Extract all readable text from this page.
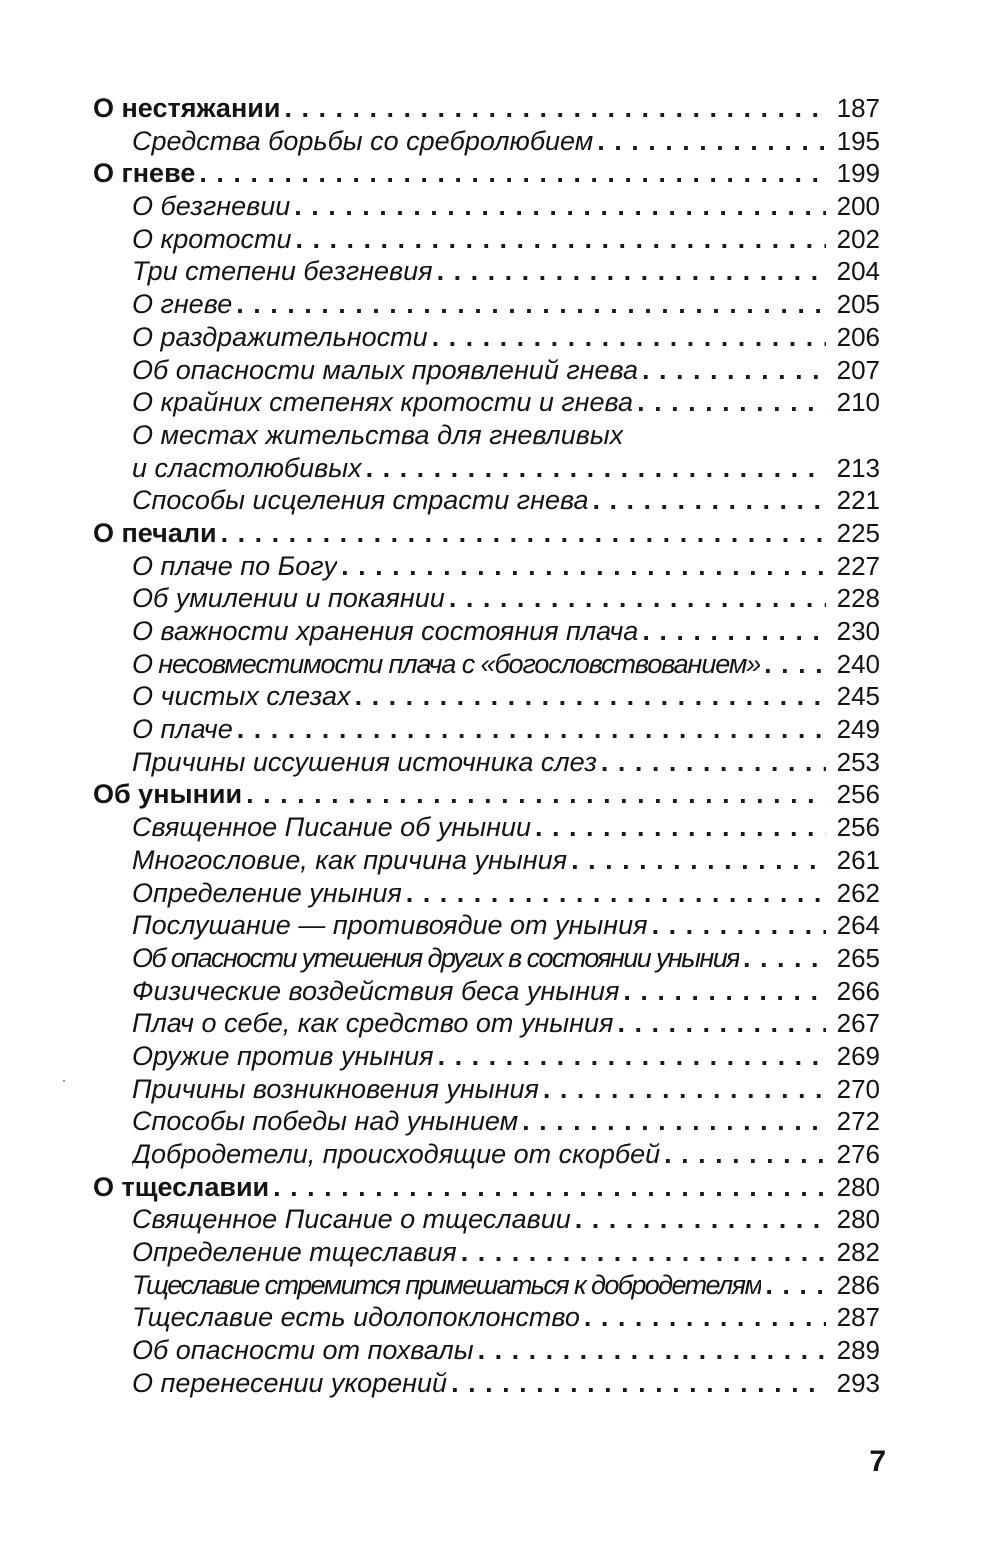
О нестяжании . . .	187
Средства борьбы со сребролюбием . . .	195
О гневе . . .	199
О безгневии . . .	200
О кротости . . .	202
Три степени безгневия . . .	204
О гневе . . .	205
О раздражительности . . .	206
Об опасности малых проявлений гнева . . .	207
О крайних степенях кротости и гнева . . .	210
О местах жительства для гневливых
и сластолюбивых . . .	213
Способы исцеления страсти гнева . . .	221
О печали . . .	225
О плаче по Богу . . .	227
Об умилении и покаянии . . .	228
О важности хранения состояния плача . . .	230
О несовместимости плача с «богословствованием» . . .	240
О чистых слезах . . .	245
О плаче . . .	249
Причины иссушения источника слез . . .	253
Об унынии . . .	256
Священное Писание об унынии . . .	256
Многословие, как причина уныния . . .	261
Определение уныния . . .	262
Послушание — противоядие от уныния . . .	264
Об опасности утешения других в состоянии уныния . . .	265
Физические воздействия беса уныния . . .	266
Плач о себе, как средство от уныния . . .	267
Оружие против уныния . . .	269
Причины возникновения уныния . . .	270
Способы победы над унынием . . .	272
Добродетели, происходящие от скорбей . . .	276
О тщеславии . . .	280
Священное Писание о тщеславии . . .	280
Определение тщеславия . . .	282
Тщеславие стремится примешаться к добродетелям . . .	286
Тщеславие есть идолопоклонство . . .	287
Об опасности от похвалы . . .	289
О перенесении укорений . . .	293
7
